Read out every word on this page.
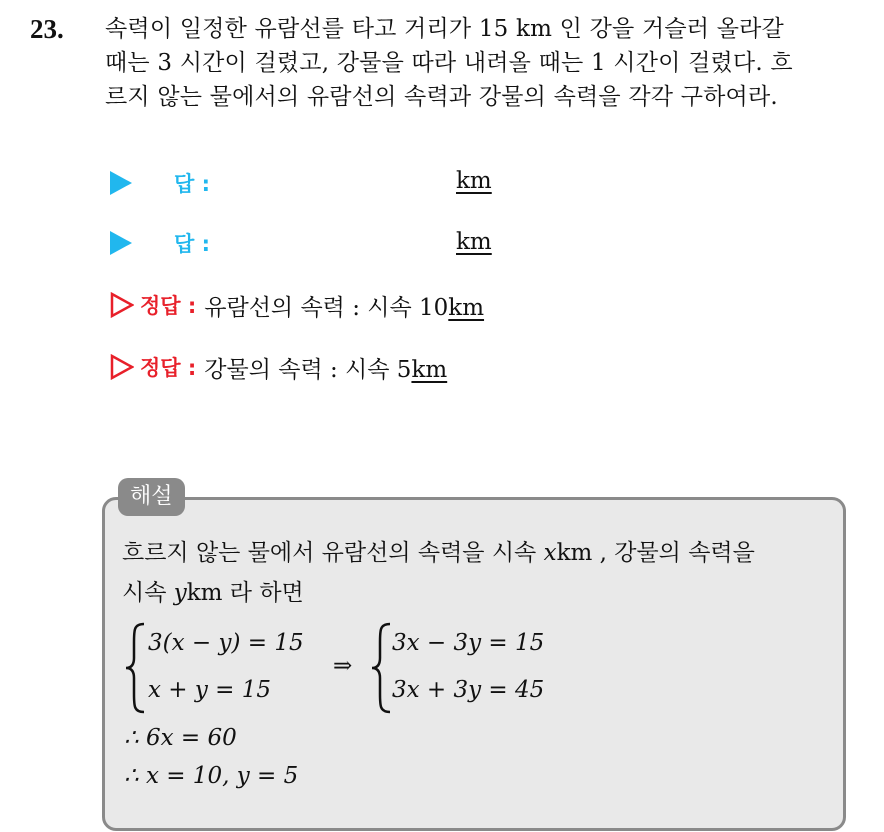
23. 속력이 일정한 유람선를 타고 거리가 15 km 인 강을 거슬러 올라갈
때는 3 시간이 걸렸고, 강물을 따라 내려올 때는 1 시간이 걸렸다. 흐
르지 않는 물에서의 유람선의 속력과 강물의 속력을 각각 구하여라.
답 :	km
답 :	km
정답 : 유람선의 속력 : 시속 10km
정답 : 강물의 속력 : 시속 5km
해설
흐르지 않는 물에서 유람선의 속력을 시속 xkm , 강물의 속력을
시속 ykm 라 하면
3(x − y) = 15
x + y = 15
⇒
3x − 3y = 15
3x + 3y = 45
∴ 6x = 60
∴ x = 10, y = 5
